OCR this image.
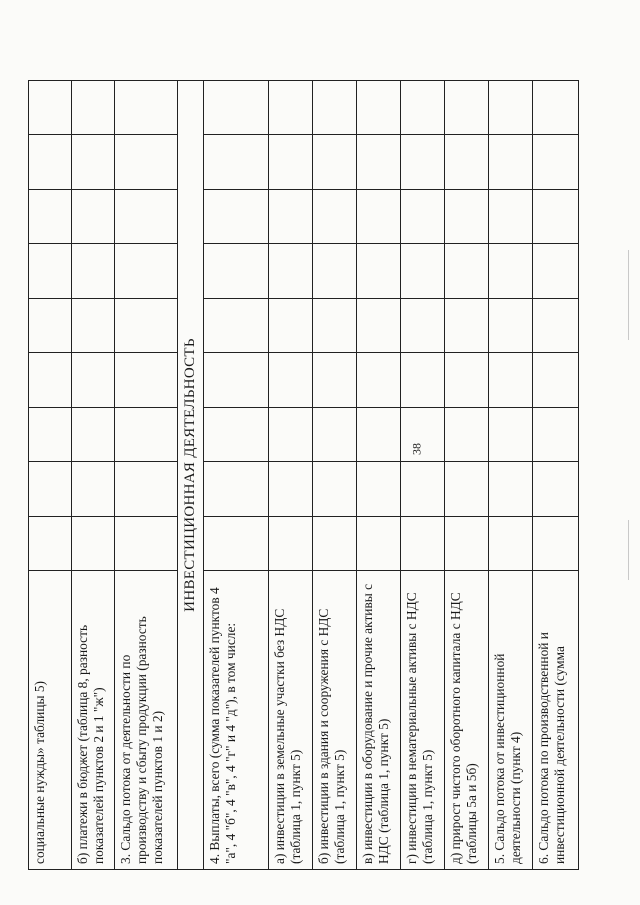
38
социальные нужды» таблицы 5)									
б) платежи в бюджет (таблица 8, разность показателей пунктов 2 и 1 "ж")									
3. Сальдо потока от деятельности по производству и сбыту продукции (разность показателей пунктов 1 и 2)									
ИНВЕСТИЦИОННАЯ ДЕЯТЕЛЬНОСТЬ									
4. Выплаты, всего (сумма показателей пунктов 4 "а", 4 "б", 4 "в", 4 "г" и 4 "д"), в том числе:									
а) инвестиции в земельные участки без НДС (таблица 1, пункт 5)									
б) инвестиции в здания и сооружения с НДС (таблица 1, пункт 5)									
в) инвестиции в оборудование и прочие активы с НДС (таблица 1, пункт 5)									
г) инвестиции в нематериальные активы с НДС (таблица 1, пункт 5)									
д) прирост чистого оборотного капитала с НДС (таблицы 5а и 5б)									
5. Сальдо потока от инвестиционной деятельности (пункт 4)									
6. Сальдо потока по производственной и инвестиционной деятельности (сумма									
